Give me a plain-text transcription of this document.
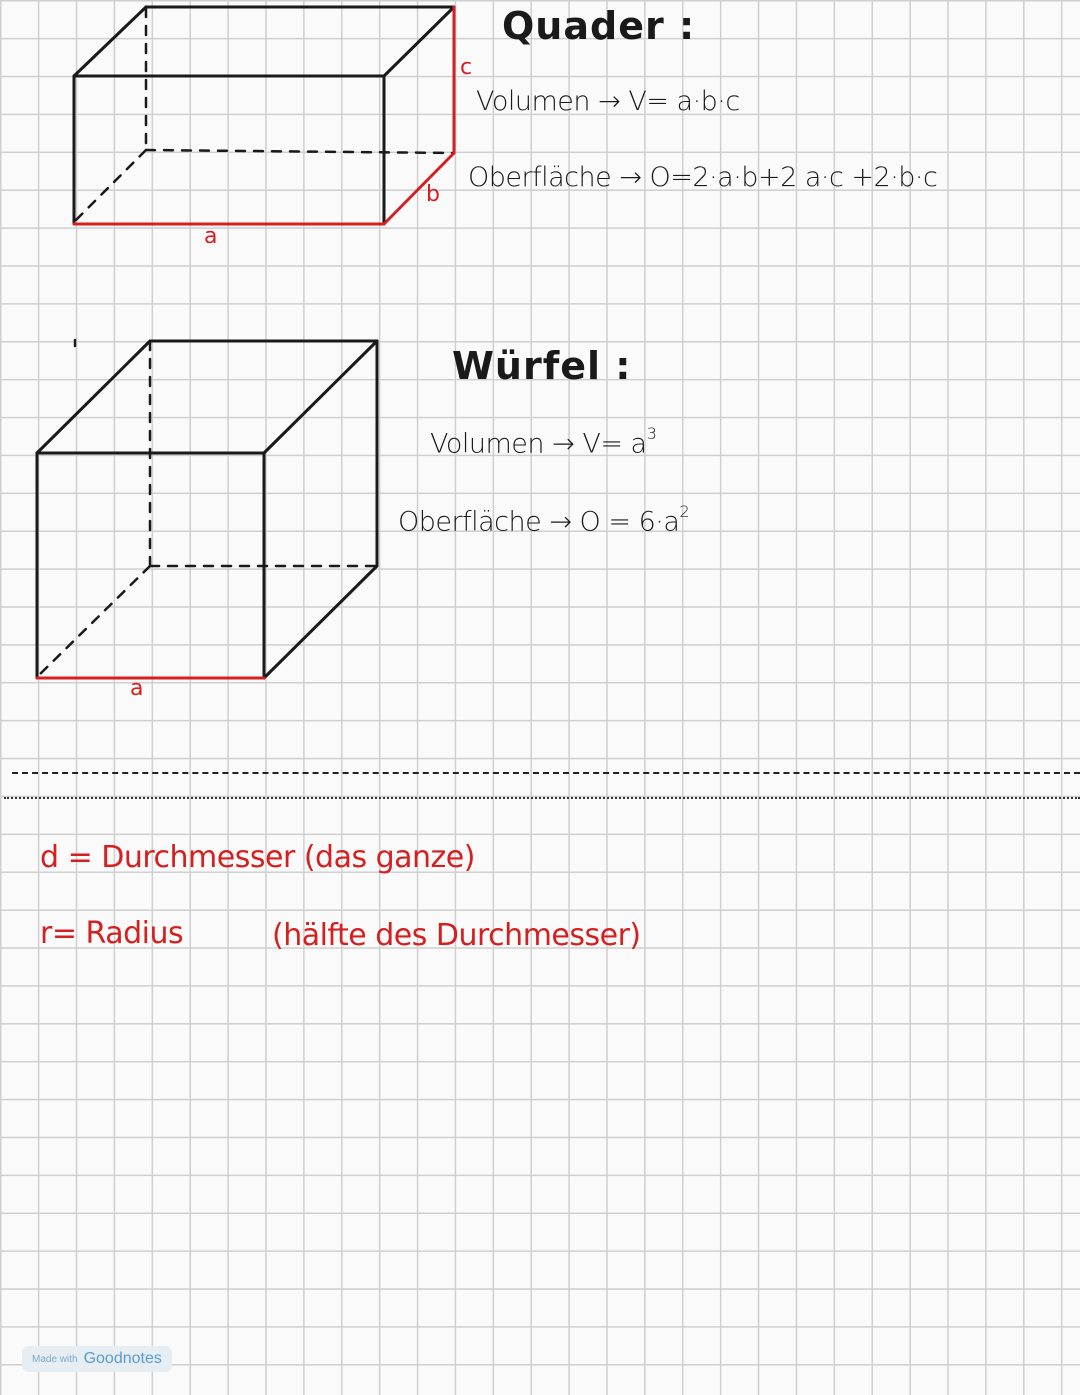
a
b
c
Quader :
Volumen → V= a·b·c
Oberfläche → O=2·a·b+2 a·c +2·b·c
a
Würfel :
Volumen → $V= a^3$
Oberfläche → $O = 6\cdot a^2$
d = Durchmesser (das ganze)
r= Radius	(hälfte des Durchmesser)
Made with Goodnotes
